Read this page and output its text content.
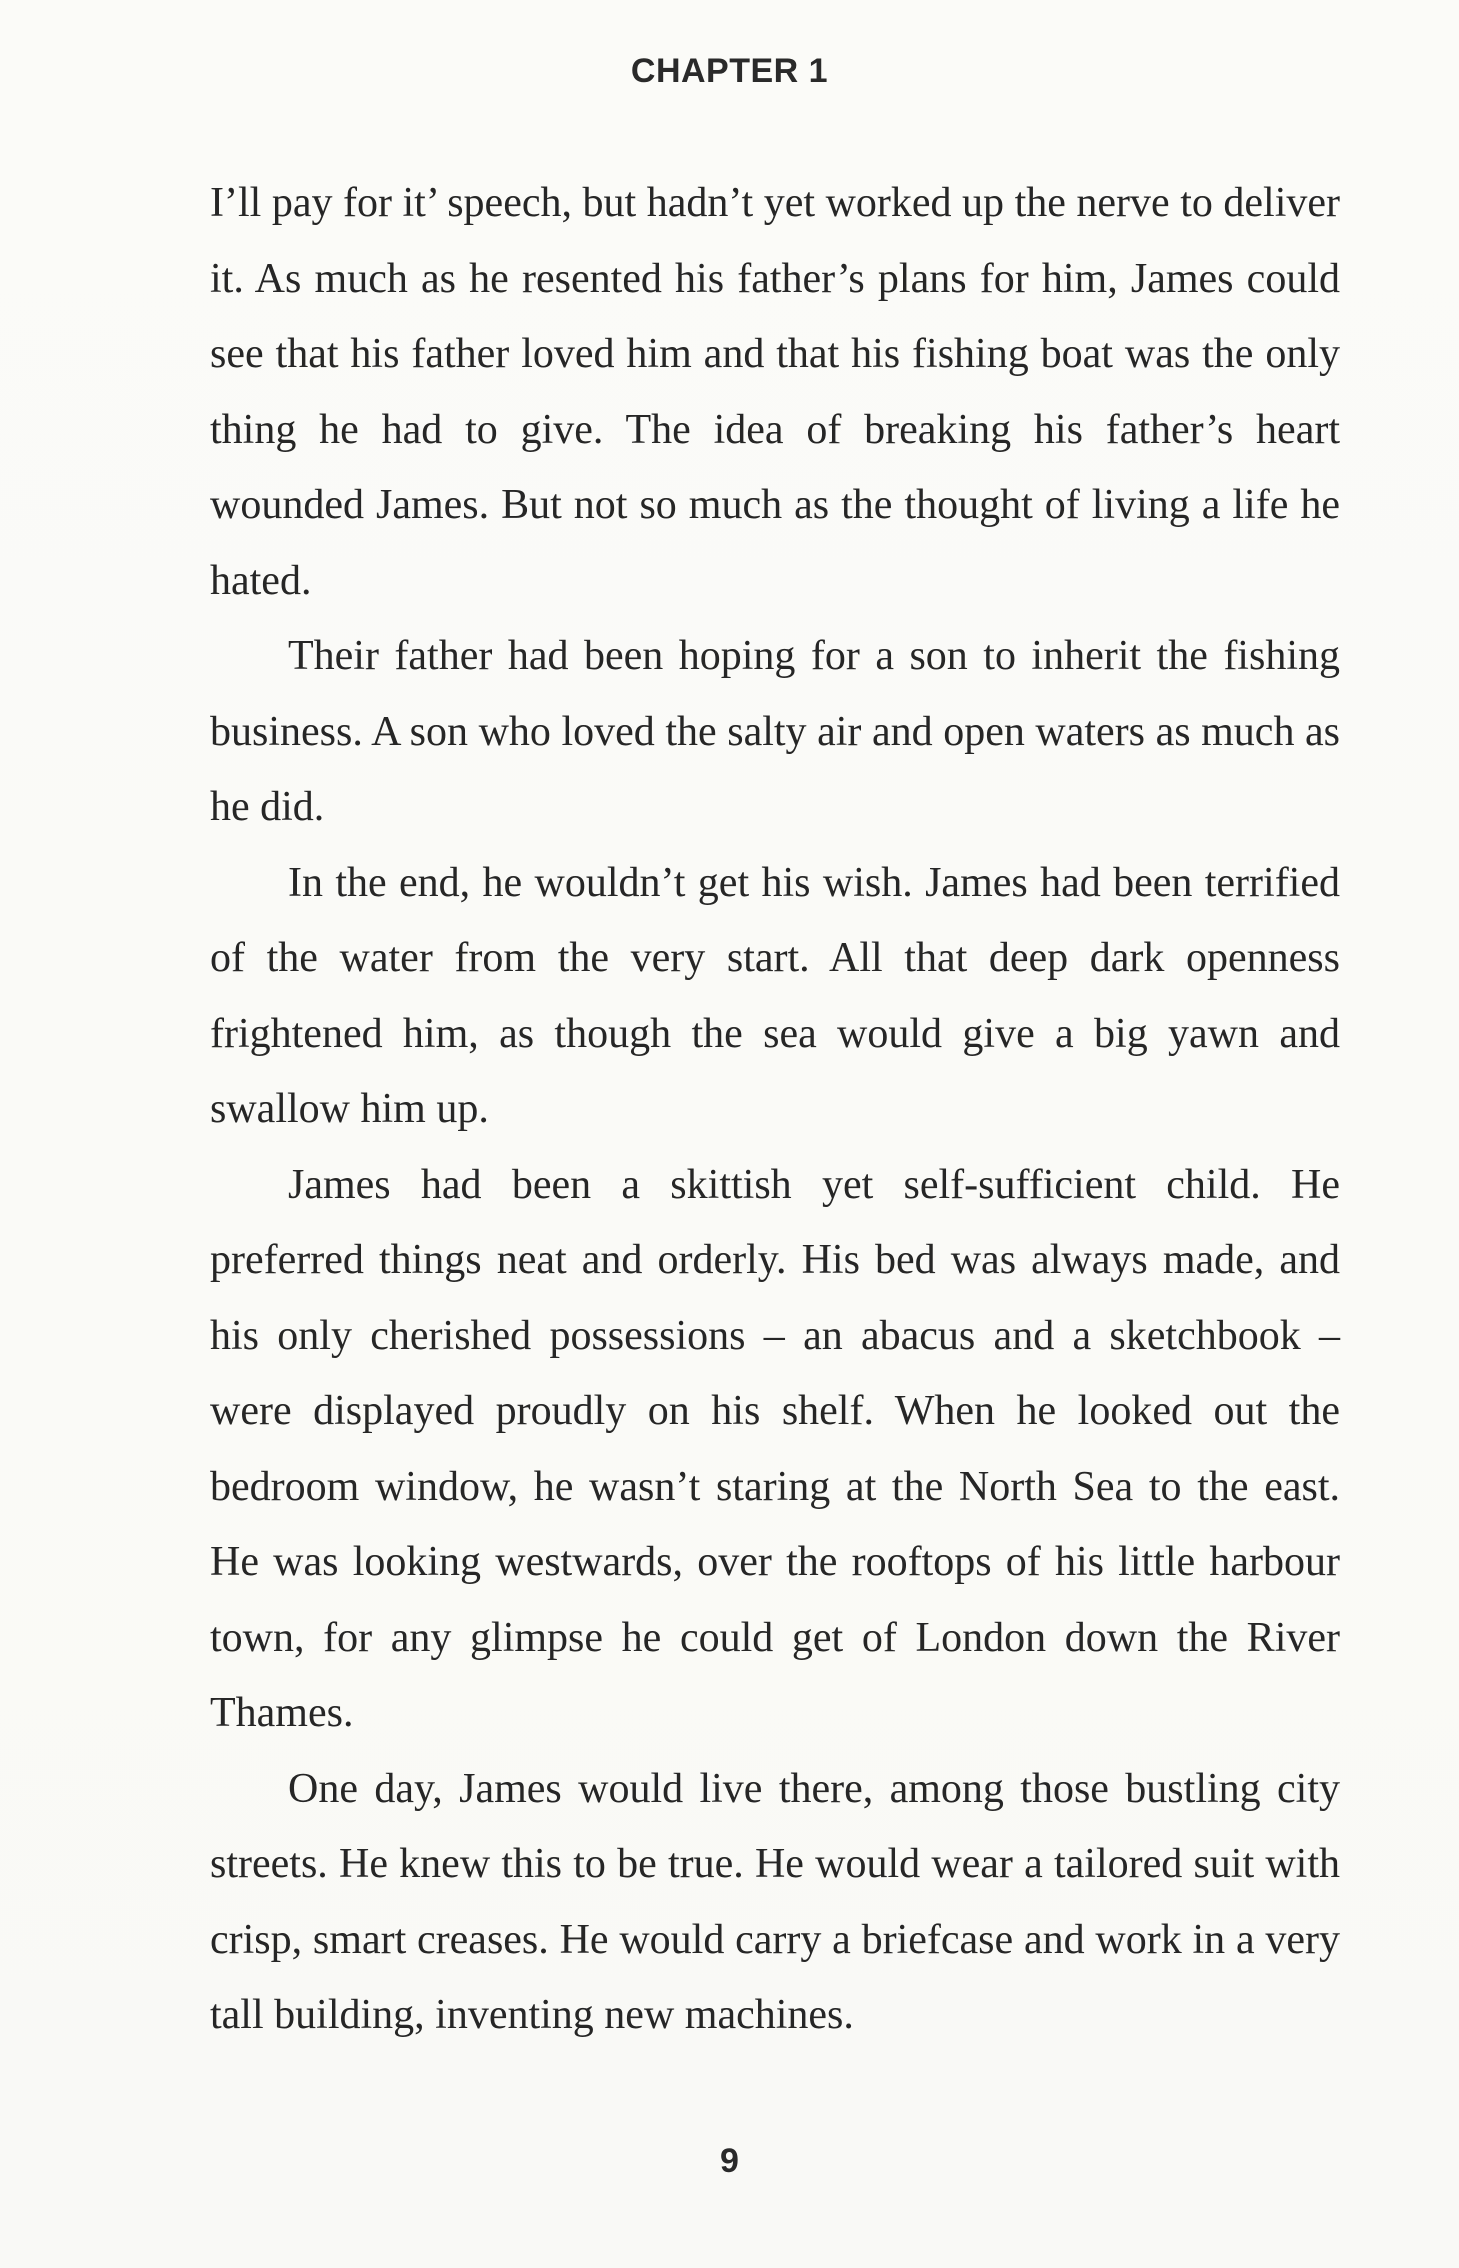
CHAPTER 1

I’ll pay for it’ speech, but hadn’t yet worked up the nerve to deliver it. As much as he resented his father’s plans for him, James could see that his father loved him and that his fishing boat was the only thing he had to give. The idea of breaking his father’s heart wounded James. But not so much as the thought of living a life he hated.

Their father had been hoping for a son to inherit the fishing business. A son who loved the salty air and open waters as much as he did.

In the end, he wouldn’t get his wish. James had been terrified of the water from the very start. All that deep dark openness frightened him, as though the sea would give a big yawn and swallow him up.

James had been a skittish yet self-sufficient child. He preferred things neat and orderly. His bed was always made, and his only cherished possessions – an abacus and a sketchbook – were displayed proudly on his shelf. When he looked out the bedroom window, he wasn’t staring at the North Sea to the east. He was looking westwards, over the rooftops of his little harbour town, for any glimpse he could get of London down the River Thames.

One day, James would live there, among those bustling city streets. He knew this to be true. He would wear a tailored suit with crisp, smart creases. He would carry a briefcase and work in a very tall building, inventing new machines.

9
